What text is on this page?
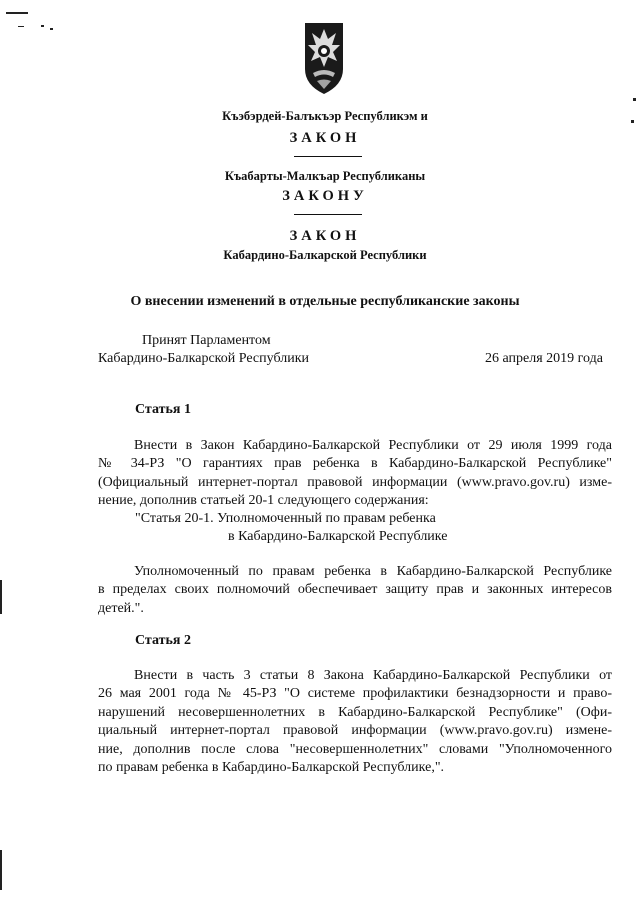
Къэбэрдей-Балъкъэр Республикэм и
ЗАКОН
Къабарты-Малкъар Республиканы
ЗАКОНУ
ЗАКОН
Кабардино-Балкарской Республики
О внесении изменений в отдельные республиканские законы
Принят Парламентом
Кабардино-Балкарской Республики	26 апреля 2019 года
Статья 1
Внести в Закон Кабардино-Балкарской Республики от 29 июля 1999 года
№ 34-РЗ "О гарантиях прав ребенка в Кабардино-Балкарской Республике"
(Официальный интернет-портал правовой информации (www.pravo.gov.ru) изме-
нение, дополнив статьей 20-1 следующего содержания:
"Статья 20-1. Уполномоченный по правам ребенка
в Кабардино-Балкарской Республике
Уполномоченный по правам ребенка в Кабардино-Балкарской Республике
в пределах своих полномочий обеспечивает защиту прав и законных интересов
детей.".
Статья 2
Внести в часть 3 статьи 8 Закона Кабардино-Балкарской Республики от
26 мая 2001 года № 45-РЗ "О системе профилактики безнадзорности и право-
нарушений несовершеннолетних в Кабардино-Балкарской Республике" (Офи-
циальный интернет-портал правовой информации (www.pravo.gov.ru) измене-
ние, дополнив после слова "несовершеннолетних" словами "Уполномоченного
по правам ребенка в Кабардино-Балкарской Республике,".
